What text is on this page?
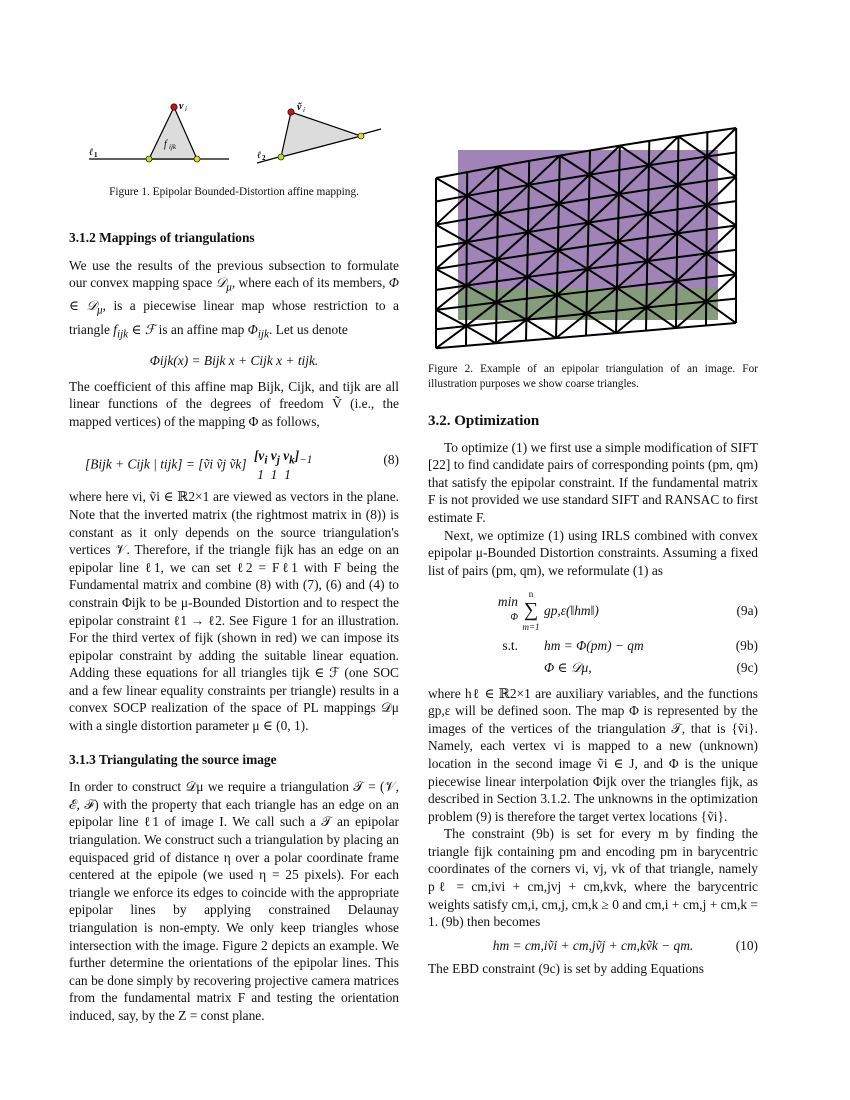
v i
f ijk
ℓ 1
ṽ i
ℓ 2
Figure 1. Epipolar Bounded-Distortion affine mapping.
3.1.2 Mappings of triangulations

We use the results of the previous subsection to formulate our convex mapping space 𝒟$_\mu$, where each of its members, Φ ∈ 𝒟$_\mu$, is a piecewise linear map whose restriction to a triangle $f_{ijk}$ ∈ ℱ is an affine map $\Phi_{ijk}$. Let us denote

Φijk(x) = Bijk x + Cijk x + tijk.

The coefficient of this affine map Bijk, Cijk, and tijk are all linear functions of the degrees of freedom Ṽ (i.e., the mapped vertices) of the mapping Φ as follows,

[Bijk + Cijk | tijk] = [ṽi ṽj ṽk] [$v_i$ $v_j$ $v_k$]
1  1  $1^{-1}$	(8)

where here vi, ṽi ∈ ℝ2×1 are viewed as vectors in the plane. Note that the inverted matrix (the rightmost matrix in (8)) is constant as it only depends on the source triangulation's vertices 𝒱. Therefore, if the triangle fijk has an edge on an epipolar line ℓ1, we can set ℓ2 = Fℓ1 with F being the Fundamental matrix and combine (8) with (7), (6) and (4) to constrain Φijk to be μ-Bounded Distortion and to respect the epipolar constraint ℓ1 → ℓ2. See Figure 1 for an illustration. For the third vertex of fijk (shown in red) we can impose its epipolar constraint by adding the suitable linear equation. Adding these equations for all triangles tijk ∈ ℱ (one SOC and a few linear equality constraints per triangle) results in a convex SOCP realization of the space of PL mappings 𝒟μ with a single distortion parameter μ ∈ (0, 1).

3.1.3 Triangulating the source image

In order to construct 𝒟μ we require a triangulation 𝒯 = (𝒱, ℰ, ℱ) with the property that each triangle has an edge on an epipolar line ℓ1 of image I. We call such a 𝒯 an epipolar triangulation. We construct such a triangulation by placing an equispaced grid of distance η over a polar coordinate frame centered at the epipole (we used η = 25 pixels). For each triangle we enforce its edges to coincide with the appropriate epipolar lines by applying constrained Delaunay triangulation is non-empty. We only keep triangles whose intersection with the image. Figure 2 depicts an example. We further determine the orientations of the epipolar lines. This can be done simply by recovering projective camera matrices from the fundamental matrix F and testing the orientation induced, say, by the Z = const plane.

Figure 2. Example of an epipolar triangulation of an image. For illustration purposes we show coarse triangles.
3.2. Optimization

To optimize (1) we first use a simple modification of SIFT [22] to find candidate pairs of corresponding points (pm, qm) that satisfy the epipolar constraint. If the fundamental matrix F is not provided we use standard SIFT and RANSAC to first estimate F.

Next, we optimize (1) using IRLS combined with convex epipolar μ-Bounded Distortion constraints. Assuming a fixed list of pairs (pm, qm), we reformulate (1) as

min
Φ	n
∑
m=1	gp,ε(‖hm‖)	(9a)
s.t.		hm = Φ(pm) − qm	(9b)
		Φ ∈ 𝒟μ,	(9c)

where hℓ ∈ ℝ2×1 are auxiliary variables, and the functions gp,ε will be defined soon. The map Φ is represented by the images of the vertices of the triangulation 𝒯, that is {ṽi}. Namely, each vertex vi is mapped to a new (unknown) location in the second image ṽi ∈ J, and Φ is the unique piecewise linear interpolation Φijk over the triangles fijk, as described in Section 3.1.2. The unknowns in the optimization problem (9) is therefore the target vertex locations {ṽi}.

The constraint (9b) is set for every m by finding the triangle fijk containing pm and encoding pm in barycentric coordinates of the corners vi, vj, vk of that triangle, namely pℓ = cm,ivi + cm,jvj + cm,kvk, where the barycentric weights satisfy cm,i, cm,j, cm,k ≥ 0 and cm,i + cm,j + cm,k = 1. (9b) then becomes

hm = cm,iṽi + cm,jṽj + cm,kṽk − qm.	(10)

The EBD constraint (9c) is set by adding Equations
